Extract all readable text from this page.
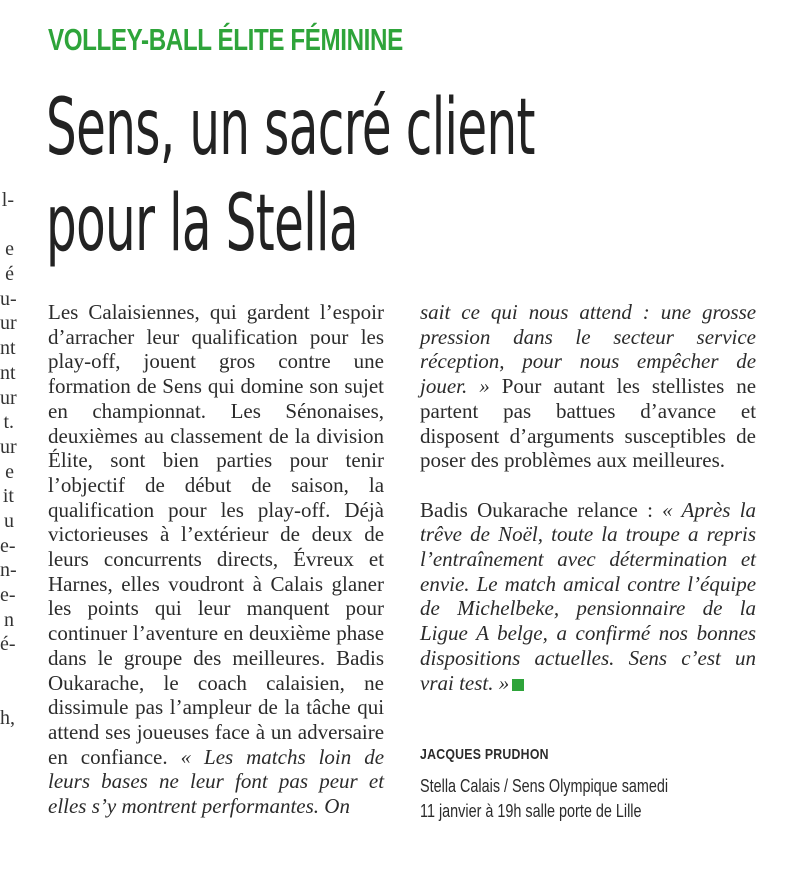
l-
e
é
u-
ur
nt
nt
ur
t.
ur
e
it
u
e-
n-
e-
n
é-
h,
VOLLEY-BALL ÉLITE FÉMININE
Sens, un sacré client
pour la Stella

Les Calaisiennes, qui gardent l’espoir d’arracher leur qualification pour les play-off, jouent gros contre une formation de Sens qui domine son sujet en championnat. Les Sénonaises, deuxièmes au classement de la division Élite, sont bien parties pour tenir l’objectif de début de saison, la qualification pour les play-off. Déjà victorieuses à l’extérieur de deux de leurs concurrents directs, Évreux et Harnes, elles voudront à Calais glaner les points qui leur manquent pour continuer l’aventure en deuxième phase dans le groupe des meilleures. Badis Oukarache, le coach calaisien, ne dissimule pas l’ampleur de la tâche qui attend ses joueuses face à un adversaire en confiance. « Les matchs loin de leurs bases ne leur font pas peur et elles s’y montrent performantes. On

sait ce qui nous attend : une grosse pression dans le secteur service réception, pour nous empêcher de jouer. » Pour autant les stellistes ne partent pas battues d’avance et disposent d’arguments susceptibles de poser des problèmes aux meilleures.

Badis Oukarache relance : « Après la trêve de Noël, toute la troupe a repris l’entraînement avec détermination et envie. Le match amical contre l’équipe de Michelbeke, pensionnaire de la Ligue A belge, a confirmé nos bonnes dispositions actuelles. Sens c’est un vrai test. »

JACQUES PRUDHON
Stella Calais / Sens Olympique samedi
11 janvier à 19h salle porte de Lille
